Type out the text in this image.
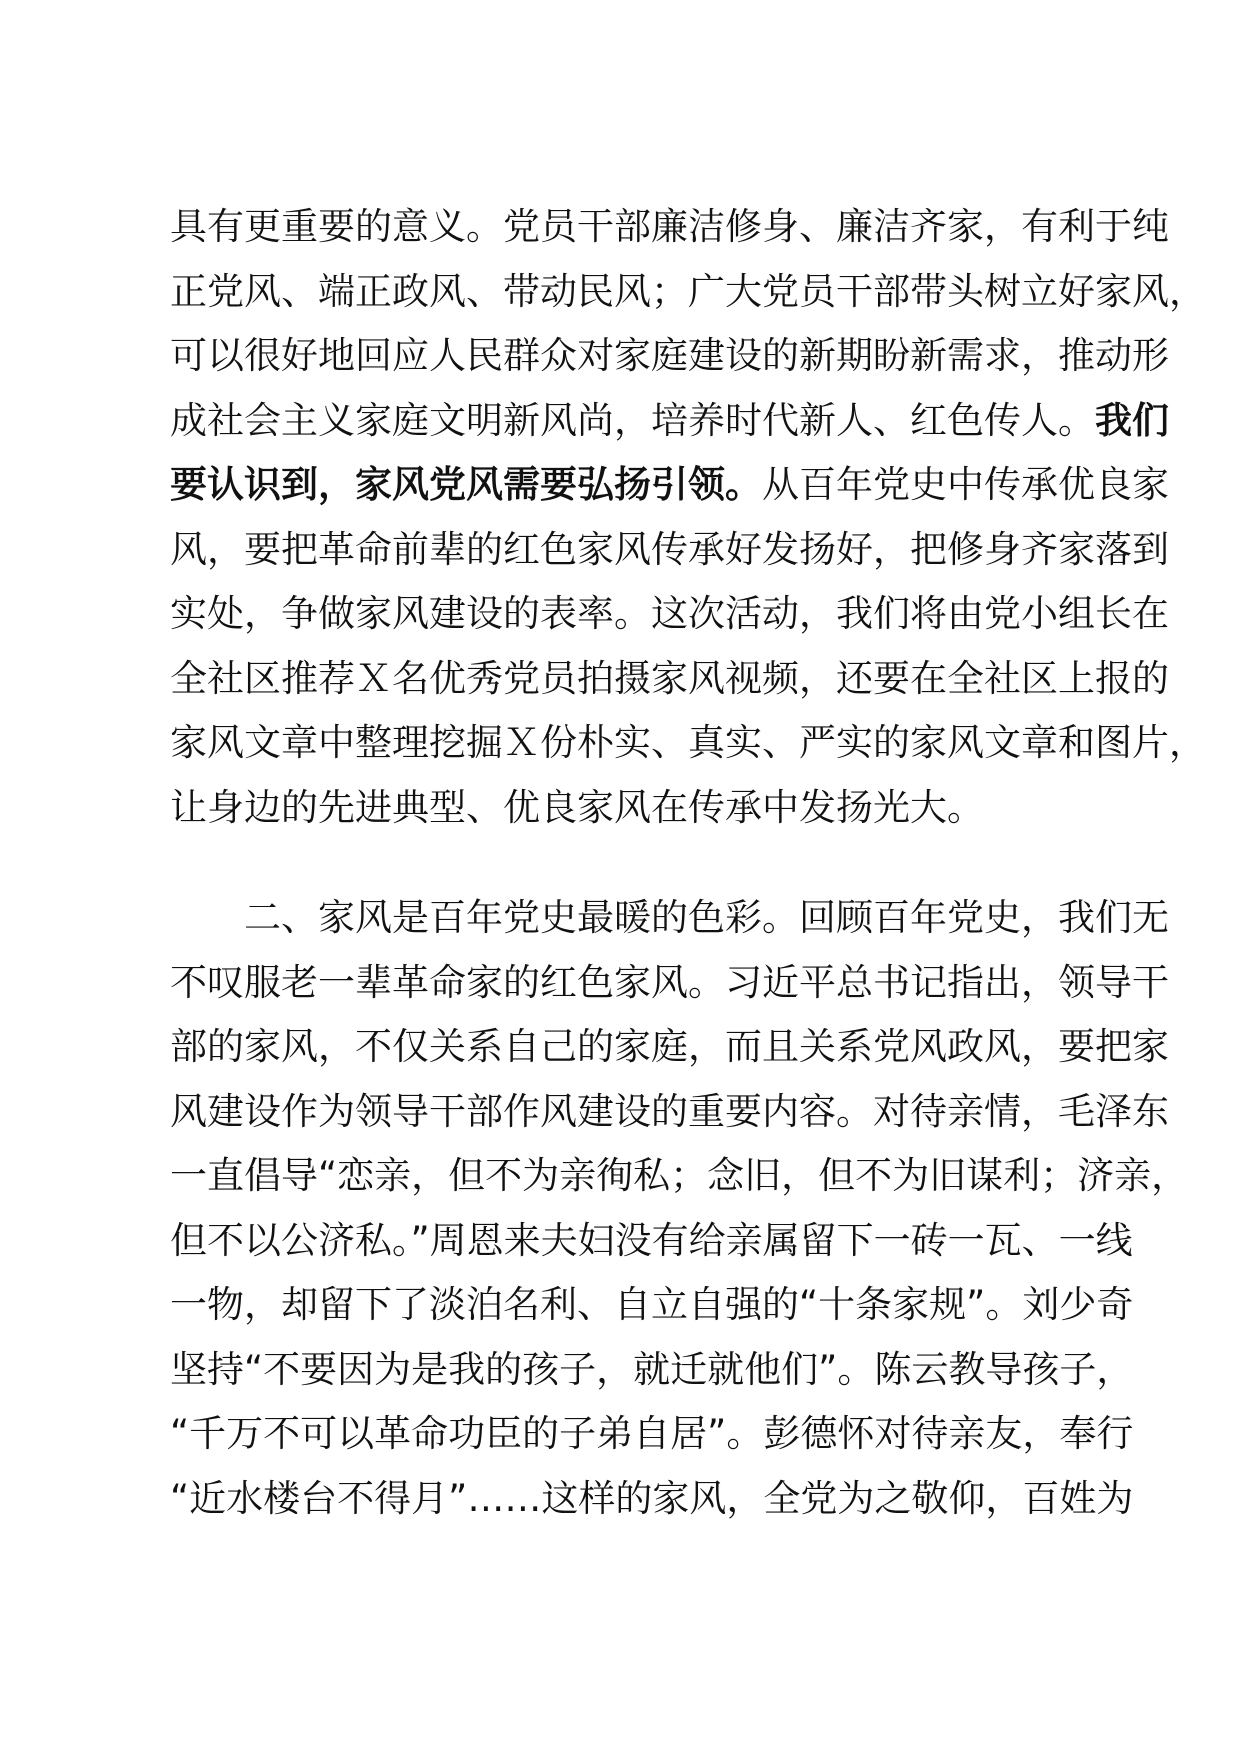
具有更重要的意义。党员干部廉洁修身、廉洁齐家，有利于纯
正党风、端正政风、带动民风；广大党员干部带头树立好家风，
可以很好地回应人民群众对家庭建设的新期盼新需求，推动形
成社会主义家庭文明新风尚，培养时代新人、红色传人。我们
要认识到，家风党风需要弘扬引领。从百年党史中传承优良家
风，要把革命前辈的红色家风传承好发扬好，把修身齐家落到
实处，争做家风建设的表率。这次活动，我们将由党小组长在
全社区推荐Ｘ名优秀党员拍摄家风视频，还要在全社区上报的
家风文章中整理挖掘Ｘ份朴实、真实、严实的家风文章和图片，
让身边的先进典型、优良家风在传承中发扬光大。
二、家风是百年党史最暖的色彩。回顾百年党史，我们无
不叹服老一辈革命家的红色家风。习近平总书记指出，领导干
部的家风，不仅关系自己的家庭，而且关系党风政风，要把家
风建设作为领导干部作风建设的重要内容。对待亲情，毛泽东
一直倡导“恋亲，但不为亲徇私；念旧，但不为旧谋利；济亲，
但不以公济私。”周恩来夫妇没有给亲属留下一砖一瓦、一线
一物，却留下了淡泊名利、自立自强的“十条家规”。刘少奇
坚持“不要因为是我的孩子，就迁就他们”。陈云教导孩子，
“千万不可以革命功臣的子弟自居”。彭德怀对待亲友，奉行
“近水楼台不得月”……这样的家风，全党为之敬仰，百姓为
